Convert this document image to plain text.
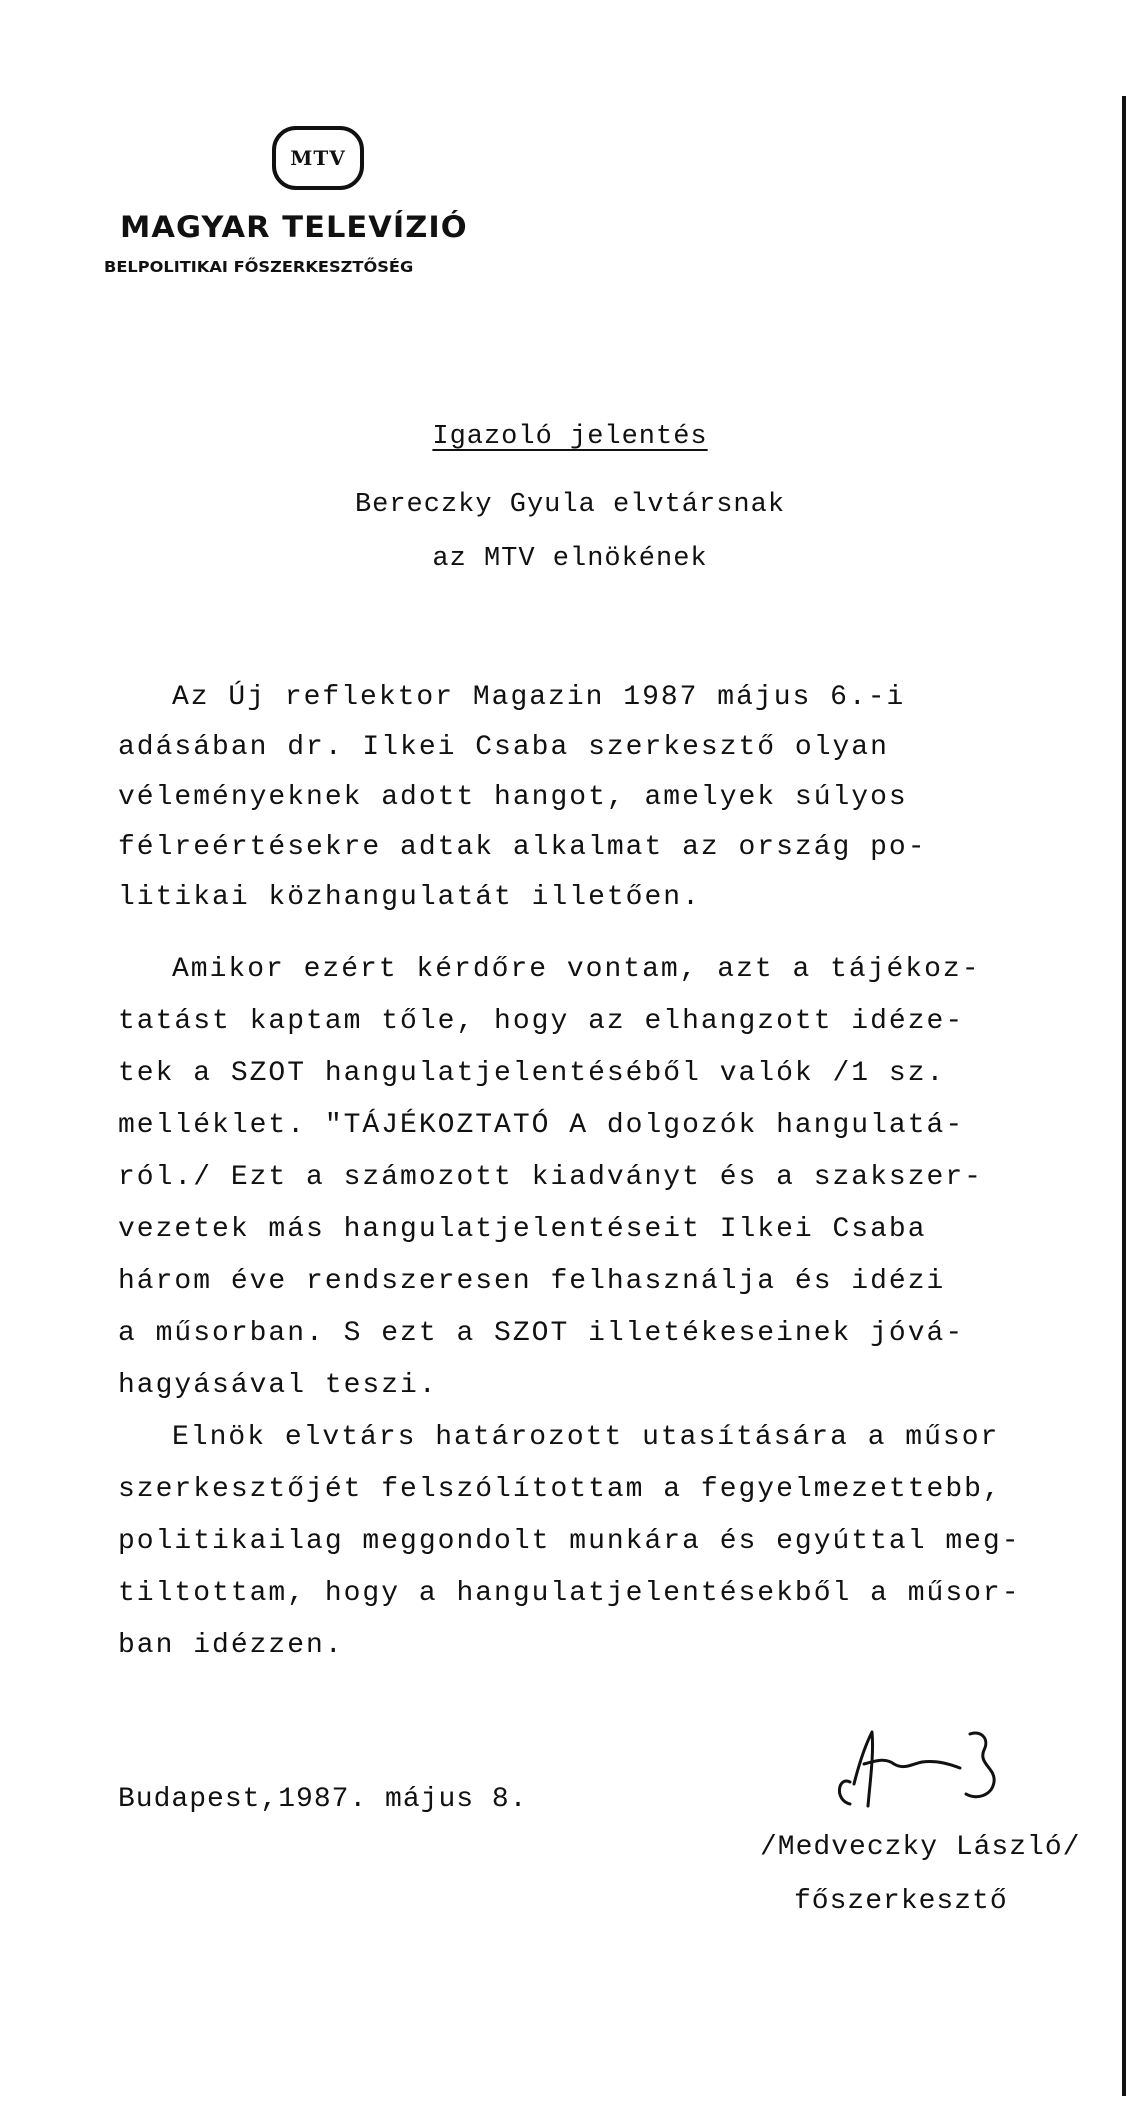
MTV
MAGYAR TELEVÍZIÓ
BELPOLITIKAI FŐSZERKESZTŐSÉG
Igazoló jelentés
Bereczky Gyula elvtársnak
az MTV elnökének
Az Új reflektor Magazin 1987 május 6.-i
adásában dr. Ilkei Csaba szerkesztő olyan
véleményeknek adott hangot, amelyek súlyos
félreértésekre adtak alkalmat az ország po-
litikai közhangulatát illetően.
Amikor ezért kérdőre vontam, azt a tájékoz-
tatást kaptam tőle, hogy az elhangzott idéze-
tek a SZOT hangulatjelentéséből valók /1 sz.
melléklet. "TÁJÉKOZTATÓ A dolgozók hangulatá-
ról./ Ezt a számozott kiadványt és a szakszer-
vezetek más hangulatjelentéseit Ilkei Csaba
három éve rendszeresen felhasználja és idézi
a műsorban. S ezt a SZOT illetékeseinek jóvá-
hagyásával teszi.
Elnök elvtárs határozott utasítására a műsor
szerkesztőjét felszólítottam a fegyelmezettebb,
politikailag meggondolt munkára és egyúttal meg-
tiltottam, hogy a hangulatjelentésekből a műsor-
ban idézzen.
Budapest,1987. május 8.
/Medveczky László/
főszerkesztő
